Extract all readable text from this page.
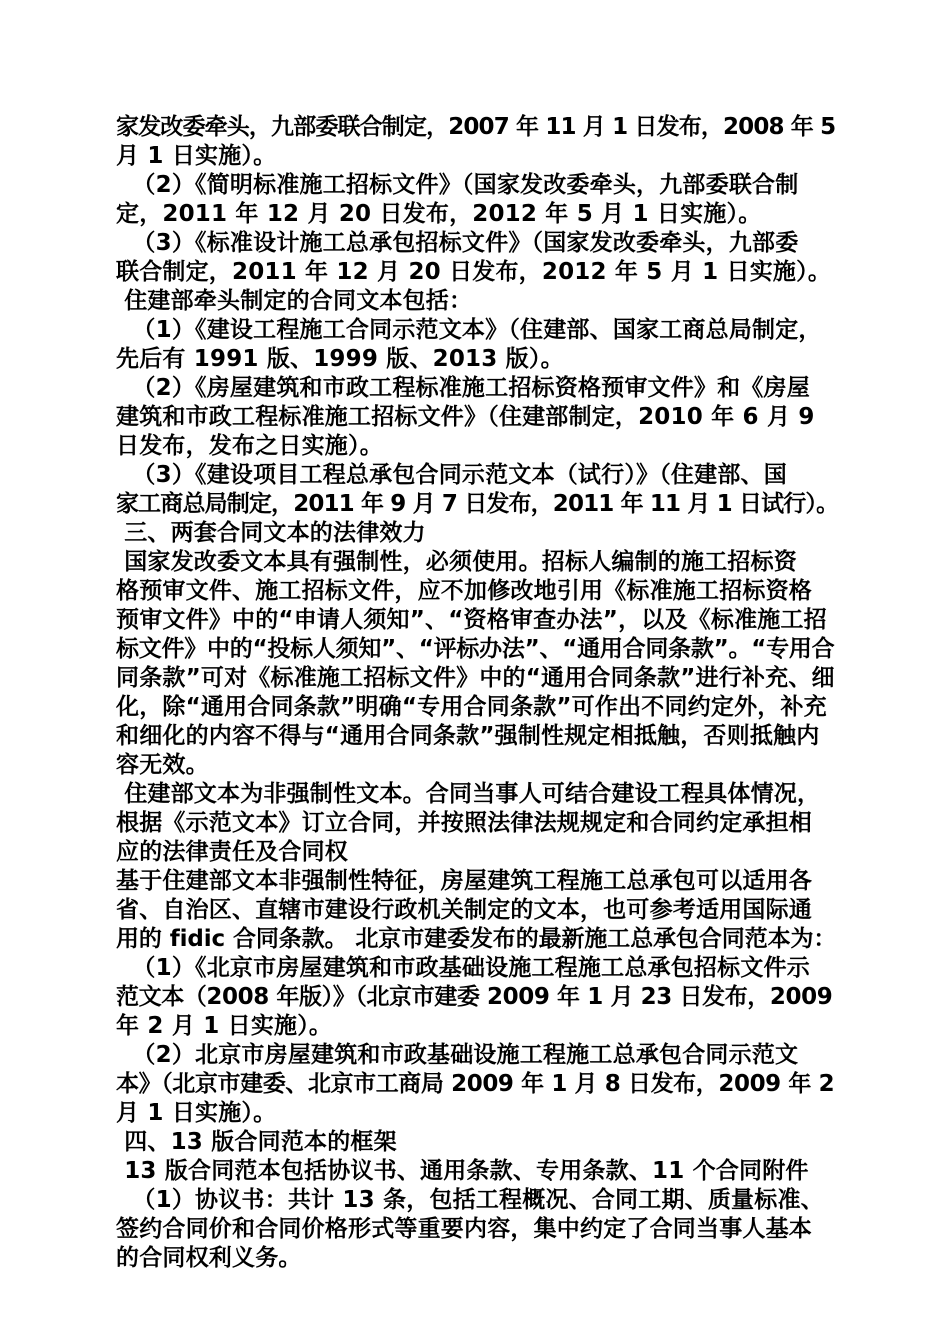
家发改委牵头，九部委联合制定，2007 年 11 月 1 日发布，2008 年 5
月 1 日实施）。
（2）《简明标准施工招标文件》（国家发改委牵头，九部委联合制
定，2011 年 12 月 20 日发布，2012 年 5 月 1 日实施）。
（3）《标准设计施工总承包招标文件》（国家发改委牵头，九部委
联合制定，2011 年 12 月 20 日发布，2012 年 5 月 1 日实施）。
住建部牵头制定的合同文本包括：
（1）《建设工程施工合同示范文本》（住建部、国家工商总局制定，
先后有 1991 版、1999 版、2013 版）。
（2）《房屋建筑和市政工程标准施工招标资格预审文件》和《房屋
建筑和市政工程标准施工招标文件》（住建部制定，2010 年 6 月 9
日发布，发布之日实施）。
（3）《建设项目工程总承包合同示范文本（试行）》（住建部、国
家工商总局制定，2011 年 9 月 7 日发布，2011 年 11 月 1 日试行）。
三、两套合同文本的法律效力
国家发改委文本具有强制性，必须使用。招标人编制的施工招标资
格预审文件、施工招标文件，应不加修改地引用《标准施工招标资格
预审文件》中的“申请人须知”、“资格审查办法”，以及《标准施工招
标文件》中的“投标人须知”、“评标办法”、“通用合同条款”。“专用合
同条款”可对《标准施工招标文件》中的“通用合同条款”进行补充、细
化，除“通用合同条款”明确“专用合同条款”可作出不同约定外，补充
和细化的内容不得与“通用合同条款”强制性规定相抵触，否则抵触内
容无效。
住建部文本为非强制性文本。合同当事人可结合建设工程具体情况，
根据《示范文本》订立合同，并按照法律法规规定和合同约定承担相
应的法律责任及合同权
基于住建部文本非强制性特征，房屋建筑工程施工总承包可以适用各
省、自治区、直辖市建设行政机关制定的文本，也可参考适用国际通
用的 fidic 合同条款。 北京市建委发布的最新施工总承包合同范本为：
（1）《北京市房屋建筑和市政基础设施工程施工总承包招标文件示
范文本（2008 年版）》（北京市建委 2009 年 1 月 23 日发布，2009
年 2 月 1 日实施）。
（2）北京市房屋建筑和市政基础设施工程施工总承包合同示范文
本》（北京市建委、北京市工商局 2009 年 1 月 8 日发布，2009 年 2
月 1 日实施）。
四、13 版合同范本的框架
13 版合同范本包括协议书、通用条款、专用条款、11 个合同附件
（1）协议书：共计 13 条，包括工程概况、合同工期、质量标准、
签约合同价和合同价格形式等重要内容，集中约定了合同当事人基本
的合同权利义务。
